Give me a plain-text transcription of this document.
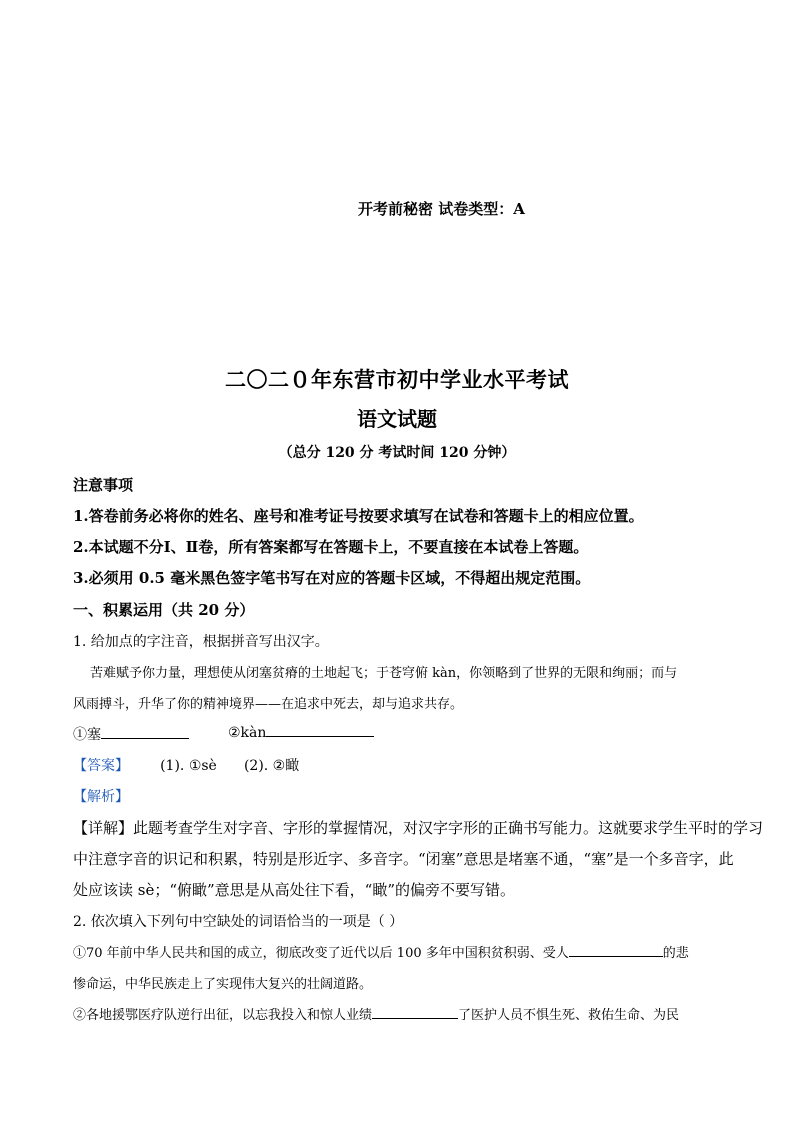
开考前秘密 试卷类型：A
二〇二０年东营市初中学业水平考试
语文试题
（总分 120 分 考试时间 120 分钟）
注意事项
1.答卷前务必将你的姓名、座号和准考证号按要求填写在试卷和答题卡上的相应位置。
2.本试题不分Ⅰ、Ⅱ卷，所有答案都写在答题卡上，不要直接在本试卷上答题。
3.必须用 0.5 毫米黑色签字笔书写在对应的答题卡区域，不得超出规定范围。
一、积累运用（共 20 分）
1. 给加点的字注音，根据拼音写出汉字。
苦难赋予你力量，理想使从闭塞贫瘠的土地起飞；于苍穹俯 kàn，你领略到了世界的无限和绚丽；而与
风雨搏斗，升华了你的精神境界——在追求中死去，却与追求共存。
①塞	②kàn
【答案】 (1). ①sè (2). ②瞰
【解析】
【详解】此题考查学生对字音、字形的掌握情况，对汉字字形的正确书写能力。这就要求学生平时的学习
中注意字音的识记和积累，特别是形近字、多音字。“闭塞”意思是堵塞不通，“塞”是一个多音字，此
处应该读 sè；“俯瞰”意思是从高处往下看，“瞰”的偏旁不要写错。
2. 依次填入下列句中空缺处的词语恰当的一项是（ ）
①70 年前中华人民共和国的成立，彻底改变了近代以后 100 多年中国积贫积弱、受人	的悲
惨命运，中华民族走上了实现伟大复兴的壮阔道路。
②各地援鄂医疗队逆行出征，以忘我投入和惊人业绩	了医护人员不惧生死、救佑生命、为民
